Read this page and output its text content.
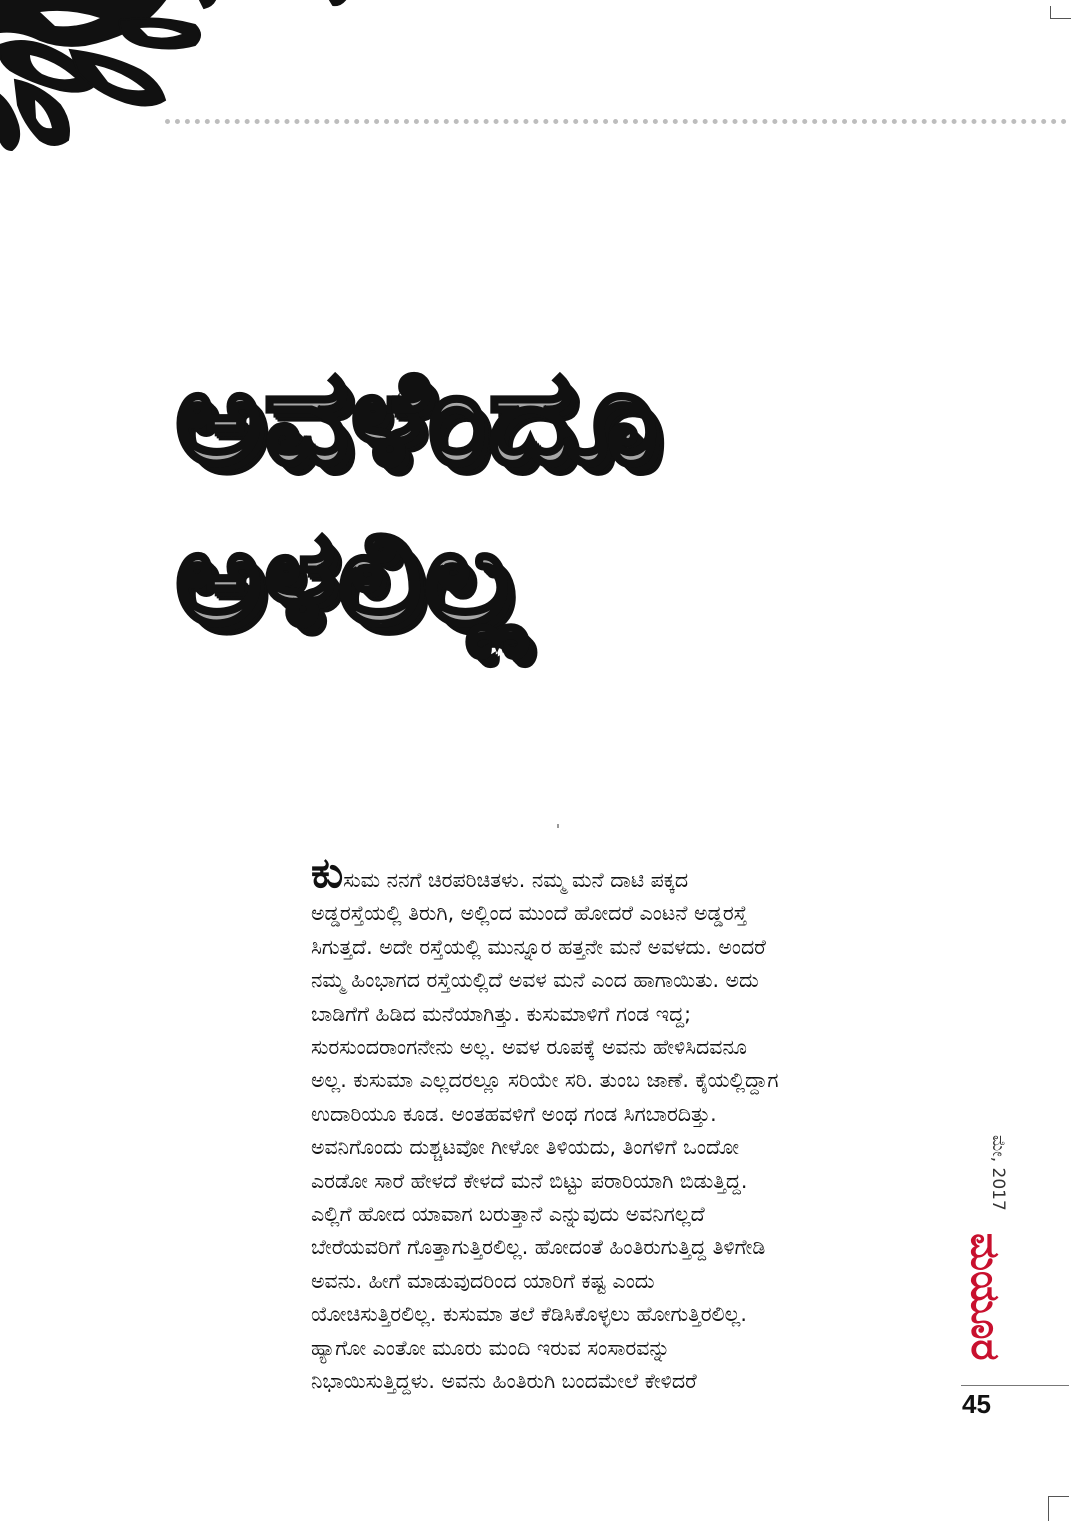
ಅವಳೆಂದೂ
ಅಳಲಿಲ್ಲ
ಕುಸುಮ ನನಗೆ ಚಿರಪರಿಚಿತಳು. ನಮ್ಮ ಮನೆ ದಾಟಿ ಪಕ್ಕದ
ಅಡ್ಡರಸ್ತೆಯಲ್ಲಿ ತಿರುಗಿ, ಅಲ್ಲಿಂದ ಮುಂದೆ ಹೋದರೆ ಎಂಟನೆ ಅಡ್ಡರಸ್ತೆ
ಸಿಗುತ್ತದೆ. ಅದೇ ರಸ್ತೆಯಲ್ಲಿ ಮುನ್ನೂರ ಹತ್ತನೇ ಮನೆ ಅವಳದು. ಅಂದರೆ
ನಮ್ಮ ಹಿಂಭಾಗದ ರಸ್ತೆಯಲ್ಲಿದೆ ಅವಳ ಮನೆ ಎಂದ ಹಾಗಾಯಿತು. ಅದು
ಬಾಡಿಗೆಗೆ ಹಿಡಿದ ಮನೆಯಾಗಿತ್ತು. ಕುಸುಮಾಳಿಗೆ ಗಂಡ ಇದ್ದ;
ಸುರಸುಂದರಾಂಗನೇನು ಅಲ್ಲ. ಅವಳ ರೂಪಕ್ಕೆ ಅವನು ಹೇಳಿಸಿದವನೂ
ಅಲ್ಲ. ಕುಸುಮಾ ಎಲ್ಲದರಲ್ಲೂ ಸರಿಯೇ ಸರಿ. ತುಂಬ ಜಾಣೆ. ಕೈಯಲ್ಲಿದ್ದಾಗ
ಉದಾರಿಯೂ ಕೂಡ. ಅಂತಹವಳಿಗೆ ಅಂಥ ಗಂಡ ಸಿಗಬಾರದಿತ್ತು.
ಅವನಿಗೊಂದು ದುಶ್ಚಟವೋ ಗೀಳೋ ತಿಳಿಯದು, ತಿಂಗಳಿಗೆ ಒಂದೋ
ಎರಡೋ ಸಾರೆ ಹೇಳದೆ ಕೇಳದೆ ಮನೆ ಬಿಟ್ಟು ಪರಾರಿಯಾಗಿ ಬಿಡುತ್ತಿದ್ದ.
ಎಲ್ಲಿಗೆ ಹೋದ ಯಾವಾಗ ಬರುತ್ತಾನೆ ಎನ್ನುವುದು ಅವನಿಗಲ್ಲದೆ
ಬೇರೆಯವರಿಗೆ ಗೊತ್ತಾಗುತ್ತಿರಲಿಲ್ಲ. ಹೋದಂತೆ ಹಿಂತಿರುಗುತ್ತಿದ್ದ ತಿಳಿಗೇಡಿ
ಅವನು. ಹೀಗೆ ಮಾಡುವುದರಿಂದ ಯಾರಿಗೆ ಕಷ್ಟ ಎಂದು
ಯೋಚಿಸುತ್ತಿರಲಿಲ್ಲ. ಕುಸುಮಾ ತಲೆ ಕೆಡಿಸಿಕೊಳ್ಳಲು ಹೋಗುತ್ತಿರಲಿಲ್ಲ.
ಹ್ಯಾಗೋ ಎಂತೋ ಮೂರು ಮಂದಿ ಇರುವ ಸಂಸಾರವನ್ನು
ನಿಭಾಯಿಸುತ್ತಿದ್ದಳು. ಅವನು ಹಿಂತಿರುಗಿ ಬಂದಮೇಲೆ ಕೇಳಿದರೆ
ಮೇ, 2017
ಮಯೂರ
45
